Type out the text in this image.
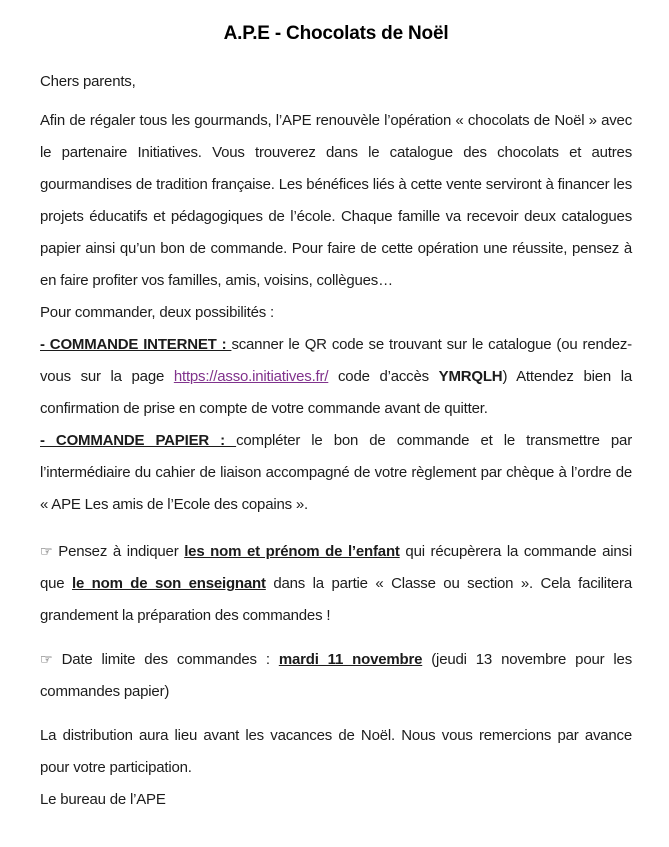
A.P.E - Chocolats de Noël

Chers parents,

Afin de régaler tous les gourmands, l’APE renouvèle l’opération « chocolats de Noël » avec le partenaire Initiatives. Vous trouverez dans le catalogue des chocolats et autres gourmandises de tradition française. Les bénéfices liés à cette vente serviront à financer les projets éducatifs et pédagogiques de l’école. Chaque famille va recevoir deux catalogues papier ainsi qu’un bon de commande. Pour faire de cette opération une réussite, pensez à en faire profiter vos familles, amis, voisins, collègues…

Pour commander, deux possibilités :

- COMMANDE INTERNET : scanner le QR code se trouvant sur le catalogue (ou rendez-vous sur la page https://asso.initiatives.fr/ code d’accès YMRQLH) Attendez bien la confirmation de prise en compte de votre commande avant de quitter.

- COMMANDE PAPIER : compléter le bon de commande et le transmettre par l’intermédiaire du cahier de liaison accompagné de votre règlement par chèque à l’ordre de « APE Les amis de l’Ecole des copains ».

☞ Pensez à indiquer les nom et prénom de l’enfant qui récupèrera la commande ainsi que le nom de son enseignant dans la partie « Classe ou section ». Cela facilitera grandement la préparation des commandes !

☞ Date limite des commandes : mardi 11 novembre (jeudi 13 novembre pour les commandes papier)

La distribution aura lieu avant les vacances de Noël. Nous vous remercions par avance pour votre participation.

Le bureau de l’APE
